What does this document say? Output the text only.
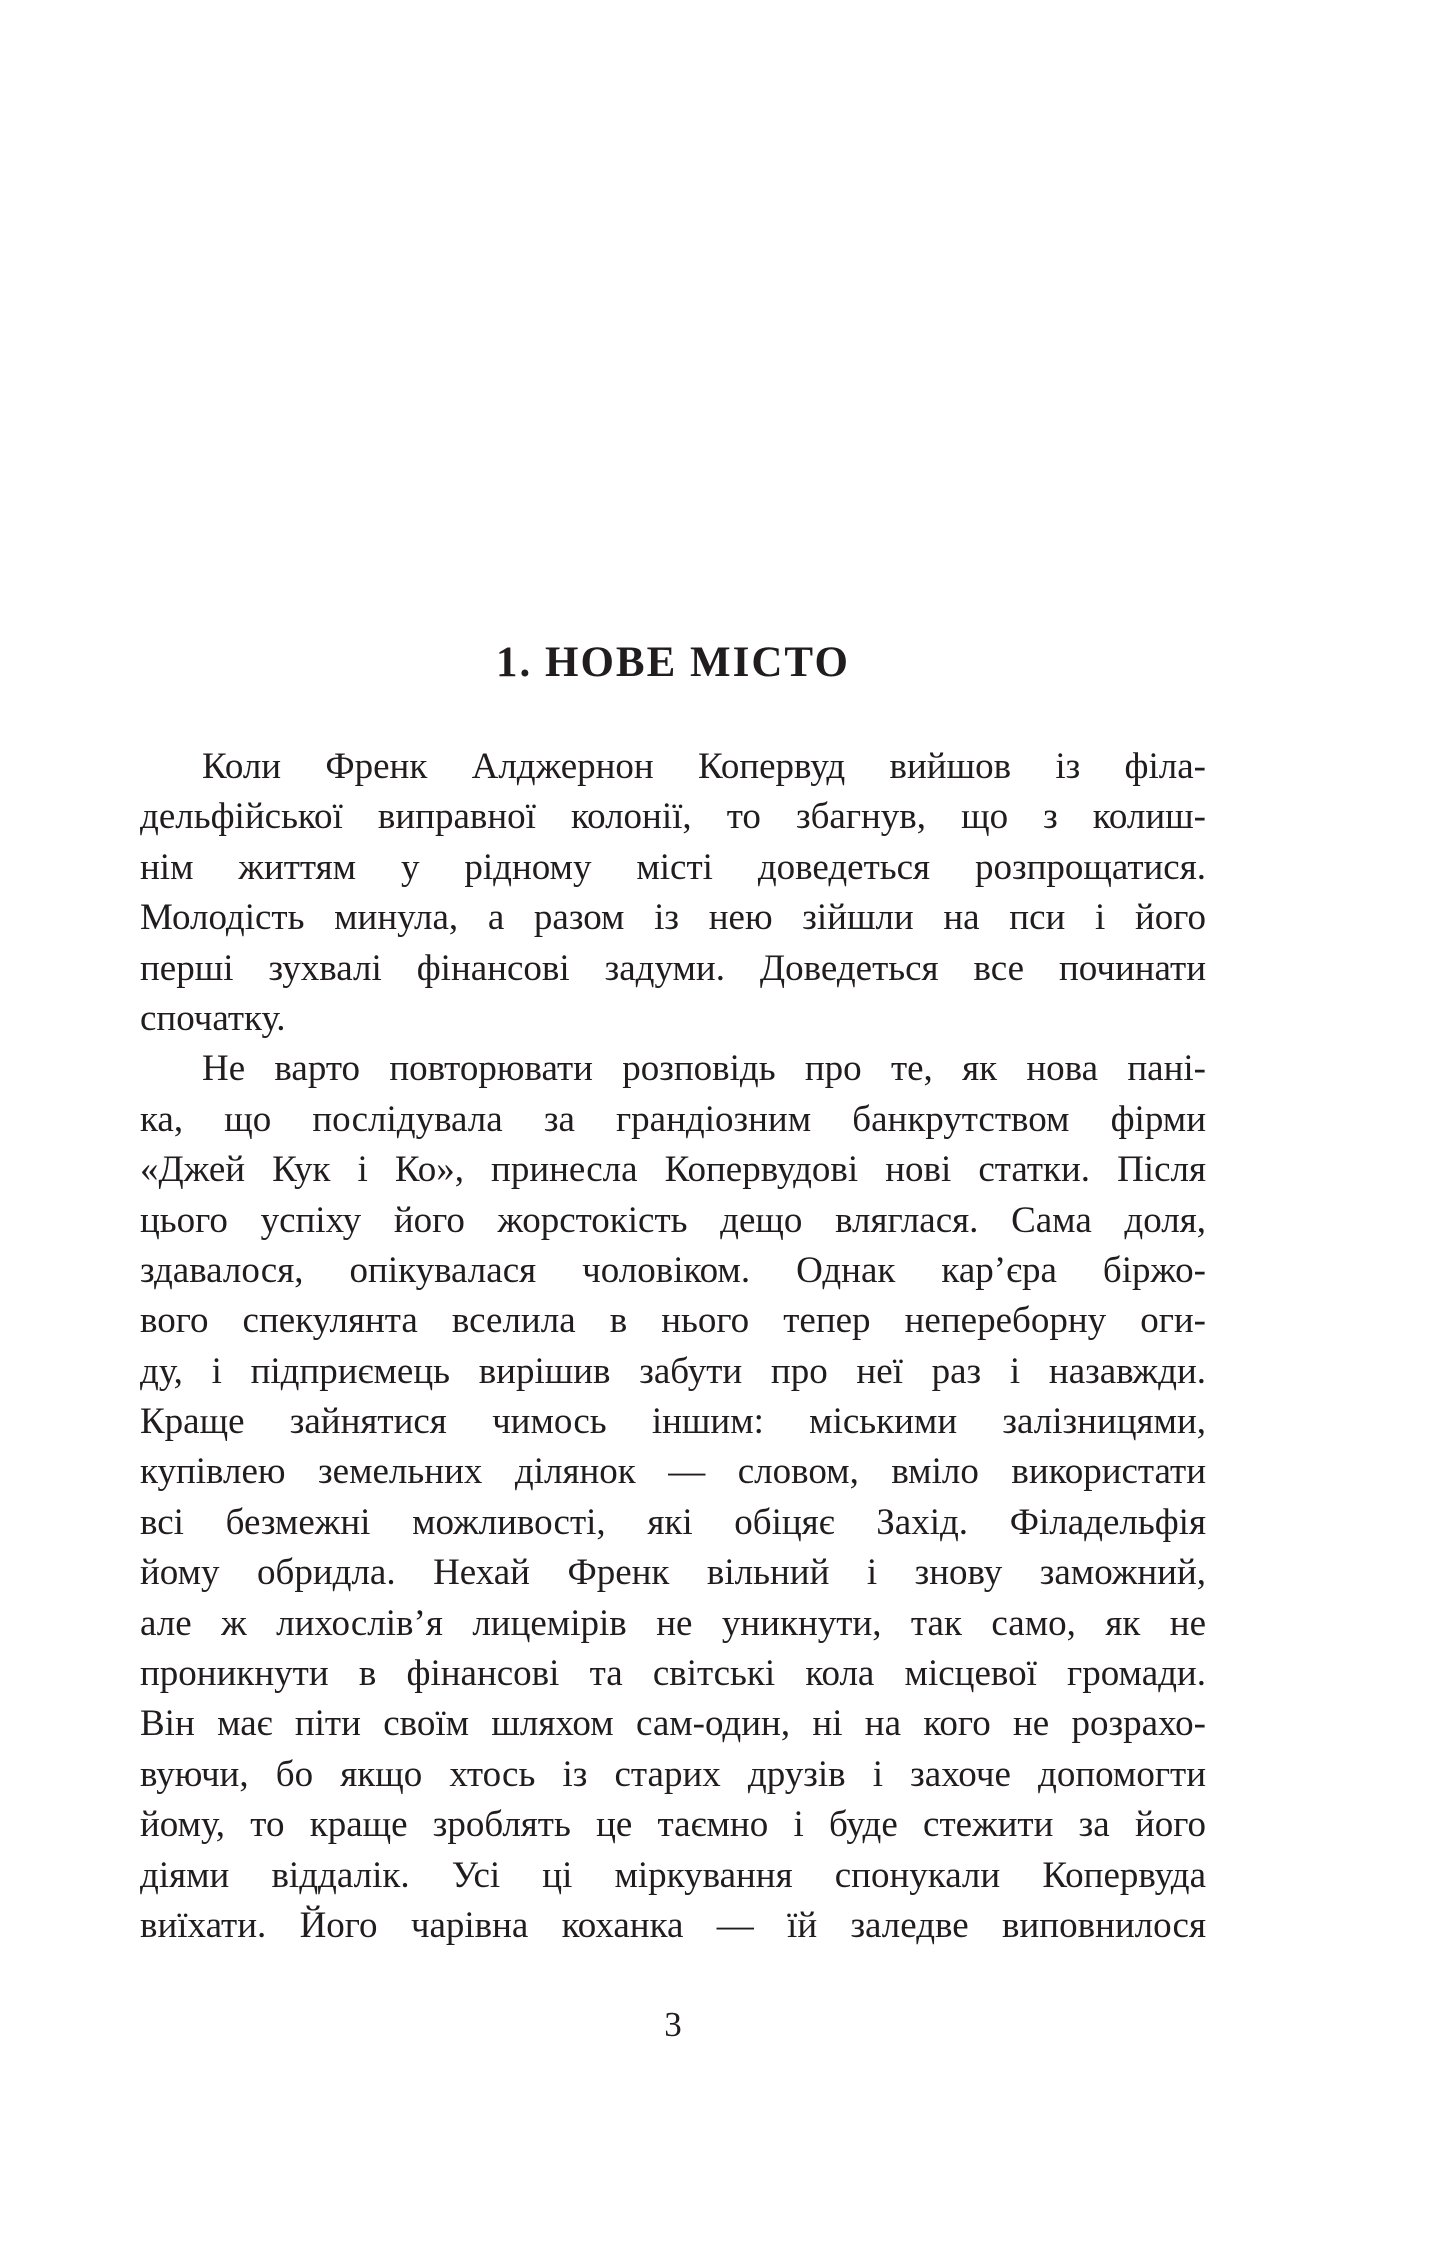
1. НОВЕ МІСТО
Коли Френк Алджернон Копервуд вийшов із філа-
дельфійської виправної колонії, то збагнув, що з колиш-
нім життям у рідному місті доведеться розпрощатися.
Молодість минула, а разом із нею зійшли на пси і його
перші зухвалі фінансові задуми. Доведеться все починати
спочатку.
Не варто повторювати розповідь про те, як нова пані-
ка, що послідувала за грандіозним банкрутством фірми
«Джей Кук і Ко», принесла Копервудові нові статки. Після
цього успіху його жорстокість дещо вляглася. Сама доля,
здавалося, опікувалася чоловіком. Однак кар’єра біржо-
вого спекулянта вселила в нього тепер непереборну оги-
ду, і підприємець вирішив забути про неї раз і назавжди.
Краще зайнятися чимось іншим: міськими залізницями,
купівлею земельних ділянок — словом, вміло використати
всі безмежні можливості, які обіцяє Захід. Філадельфія
йому обридла. Нехай Френк вільний і знову заможний,
але ж лихослів’я лицемірів не уникнути, так само, як не
проникнути в фінансові та світські кола місцевої громади.
Він має піти своїм шляхом сам-один, ні на кого не розрахо-
вуючи, бо якщо хтось із старих друзів і захоче допомогти
йому, то краще зроблять це таємно і буде стежити за його
діями віддалік. Усі ці міркування спонукали Копервуда
виїхати. Його чарівна коханка — їй заледве виповнилося
3
